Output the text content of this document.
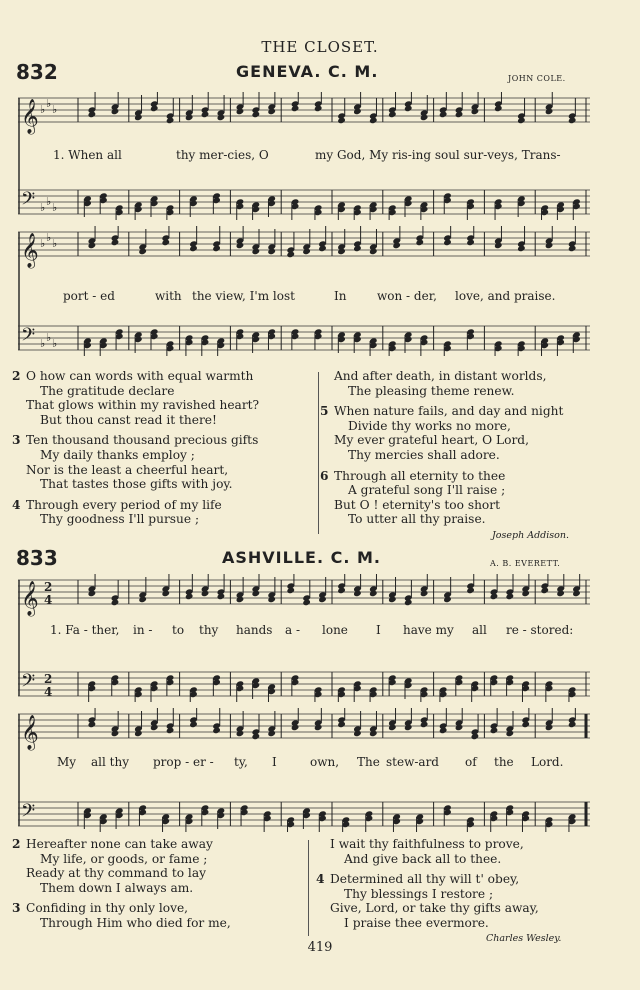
THE CLOSET.
832	GENEVA. C. M.	JOHN COLE.
𝄞 ♭ ♭ ♭
𝄢 ♭ ♭ ♭
1. When all	thy mer-cies, O	my God, My ris-ing soul sur-veys, Trans-
𝄞 ♭ ♭ ♭
𝄢 ♭ ♭ ♭
port - ed	with the view, I'm lost	In	won - der, love, and praise.
2 O how can words with equal warmth
The gratitude declare
That glows within my ravished heart?
But thou canst read it there!
3 Ten thousand thousand precious gifts
My daily thanks employ ;
Nor is the least a cheerful heart,
That tastes those gifts with joy.
4 Through every period of my life
Thy goodness I'll pursue ;
And after death, in distant worlds,
The pleasing theme renew.
5 When nature fails, and day and night
Divide thy works no more,
My ever grateful heart, O Lord,
Thy mercies shall adore.
6 Through all eternity to thee
A grateful song I'll raise ;
But O ! eternity's too short
To utter all thy praise.
Joseph Addison.
833	ASHVILLE. C. M.	A. B. EVERETT.
𝄞 2
4
𝄢 2
4
1. Fa - ther, in - to thy hands a - lone I have my all re - stored:
𝄞
𝄢
My all thy prop - er - ty, I	own, The stew-ard of the Lord.
2 Hereafter none can take away
My life, or goods, or fame ;
Ready at thy command to lay
Them down I always am.
3 Confiding in thy only love,
Through Him who died for me,
I wait thy faithfulness to prove,
And give back all to thee.
4 Determined all thy will t' obey,
Thy blessings I restore ;
Give, Lord, or take thy gifts away,
I praise thee evermore.
Charles Wesley.
419
